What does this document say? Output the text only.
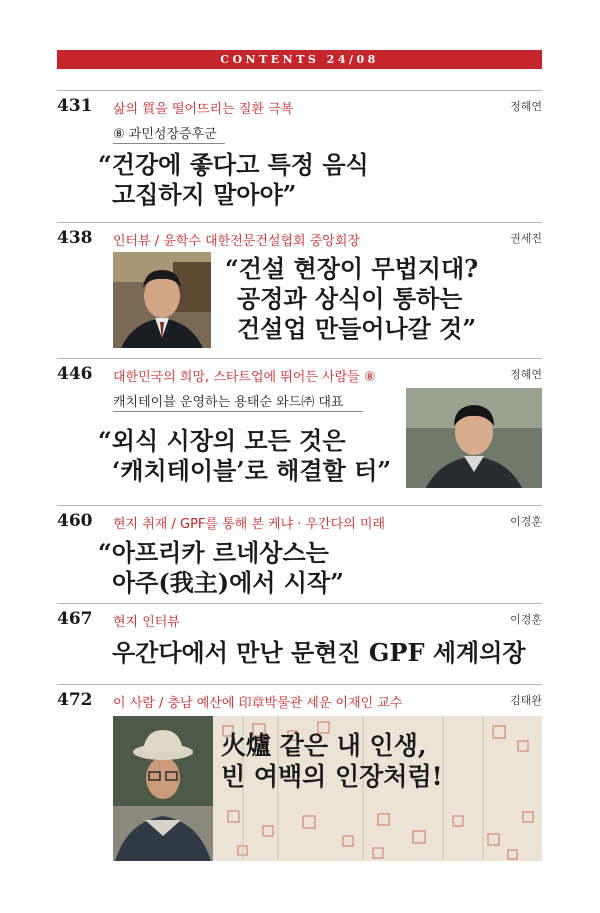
CONTENTS 24/08
431 삶의 質을 떨어뜨리는 질환 극복	정혜연
⑧ 과민성장증후군
“건강에 좋다고 특정 음식
고집하지 말아야”
438 인터뷰 / 윤학수 대한전문건설협회 중앙회장	권세진
“건설 현장이 무법지대?
공정과 상식이 통하는
건설업 만들어나갈 것”
446 대한민국의 희망, 스타트업에 뛰어든 사람들 ⑧	정혜연
캐치테이블 운영하는 용태순 와드㈜ 대표
“외식 시장의 모든 것은
‘캐치테이블’로 해결할 터”
460 현지 취재 / GPF를 통해 본 케냐 · 우간다의 미래	이경훈
“아프리카 르네상스는
아주(我主)에서 시작”
467 현지 인터뷰	이경훈
우간다에서 만난 문현진 GPF 세계의장
472 이 사람 / 충남 예산에 印章박물관 세운 이재인 교수	김태완
火爐 같은 내 인생,
빈 여백의 인장처럼!
